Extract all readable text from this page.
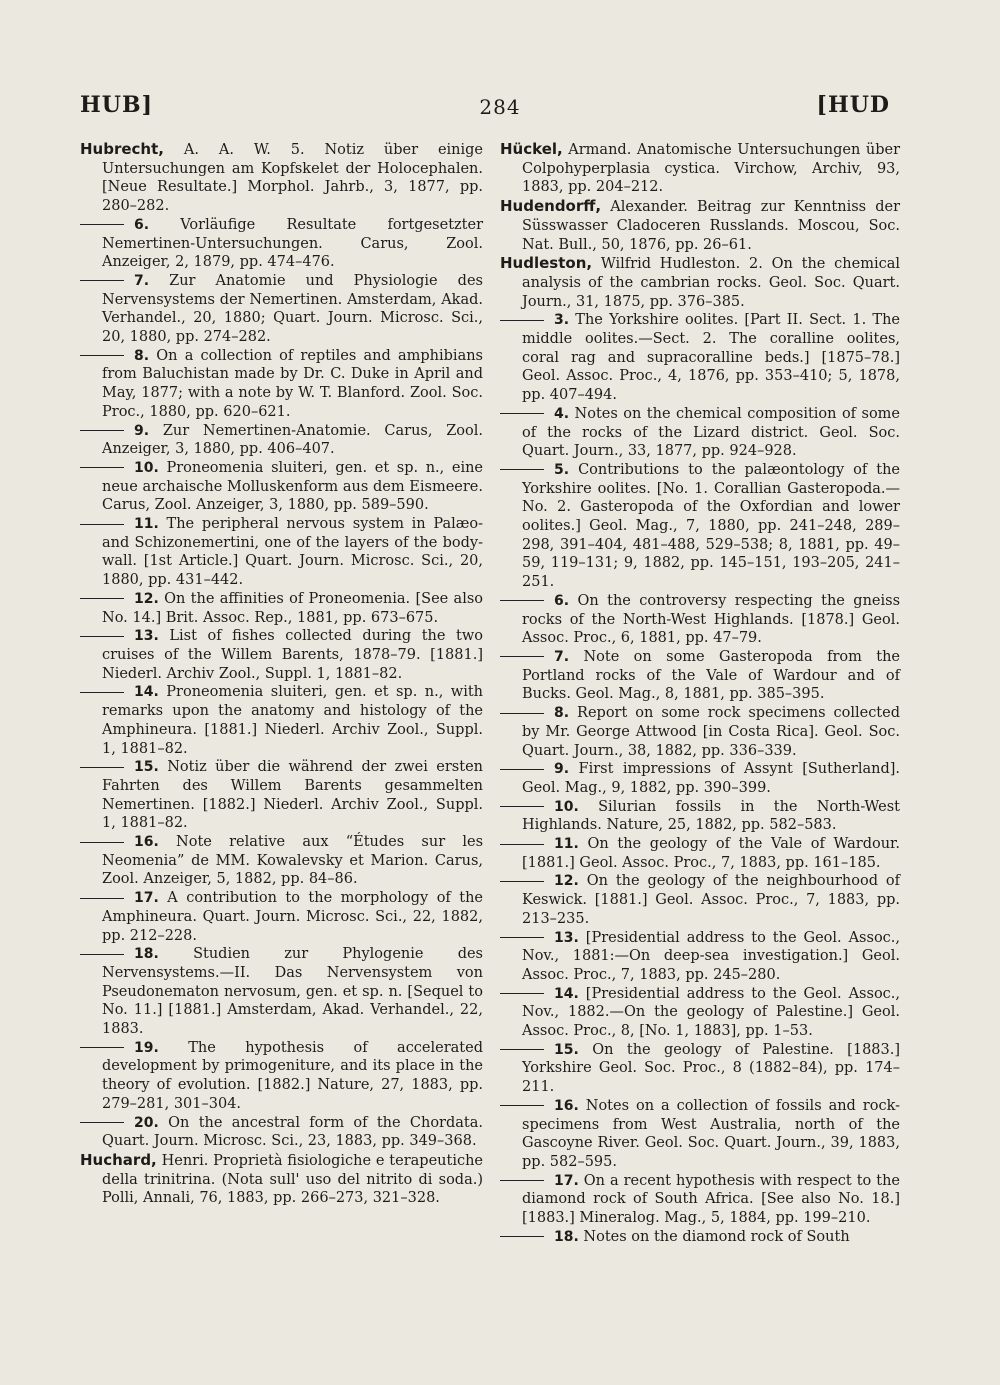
HUB]	284	[HUD

Hubrecht, A. A. W. 5. Notiz über einige Untersuchungen am Kopfskelet der Holocephalen. [Neue Resultate.] Morphol. Jahrb., 3, 1877, pp. 280–282.

6. Vorläufige Resultate fortgesetzter Nemertinen-Untersuchungen. Carus, Zool. Anzeiger, 2, 1879, pp. 474–476.

7. Zur Anatomie und Physiologie des Nervensystems der Nemertinen. Amsterdam, Akad. Verhandel., 20, 1880; Quart. Journ. Microsc. Sci., 20, 1880, pp. 274–282.

8. On a collection of reptiles and amphibians from Baluchistan made by Dr. C. Duke in April and May, 1877; with a note by W. T. Blanford. Zool. Soc. Proc., 1880, pp. 620–621.

9. Zur Nemertinen-Anatomie. Carus, Zool. Anzeiger, 3, 1880, pp. 406–407.

10. Proneomenia sluiteri, gen. et sp. n., eine neue archaische Molluskenform aus dem Eismeere. Carus, Zool. Anzeiger, 3, 1880, pp. 589–590.

11. The peripheral nervous system in Palæo- and Schizonemertini, one of the layers of the body-wall. [1st Article.] Quart. Journ. Microsc. Sci., 20, 1880, pp. 431–442.

12. On the affinities of Proneomenia. [See also No. 14.] Brit. Assoc. Rep., 1881, pp. 673–675.

13. List of fishes collected during the two cruises of the Willem Barents, 1878–79. [1881.] Niederl. Archiv Zool., Suppl. 1, 1881–82.

14. Proneomenia sluiteri, gen. et sp. n., with remarks upon the anatomy and histology of the Amphineura. [1881.] Niederl. Archiv Zool., Suppl. 1, 1881–82.

15. Notiz über die während der zwei ersten Fahrten des Willem Barents gesammelten Nemertinen. [1882.] Niederl. Archiv Zool., Suppl. 1, 1881–82.

16. Note relative aux “Études sur les Neomenia” de MM. Kowalevsky et Marion. Carus, Zool. Anzeiger, 5, 1882, pp. 84–86.

17. A contribution to the morphology of the Amphineura. Quart. Journ. Microsc. Sci., 22, 1882, pp. 212–228.

18. Studien zur Phylogenie des Nervensystems.—II. Das Nervensystem von Pseudonematon nervosum, gen. et sp. n. [Sequel to No. 11.] [1881.] Amsterdam, Akad. Verhandel., 22, 1883.

19. The hypothesis of accelerated development by primogeniture, and its place in the theory of evolution. [1882.] Nature, 27, 1883, pp. 279–281, 301–304.

20. On the ancestral form of the Chordata. Quart. Journ. Microsc. Sci., 23, 1883, pp. 349–368.

Huchard, Henri. Proprietà fisiologiche e terapeutiche della trinitrina. (Nota sull' uso del nitrito di soda.) Polli, Annali, 76, 1883, pp. 266–273, 321–328.

Hückel, Armand. Anatomische Untersuchungen über Colpohyperplasia cystica. Virchow, Archiv, 93, 1883, pp. 204–212.

Hudendorff, Alexander. Beitrag zur Kenntniss der Süsswasser Cladoceren Russlands. Moscou, Soc. Nat. Bull., 50, 1876, pp. 26–61.

Hudleston, Wilfrid Hudleston. 2. On the chemical analysis of the cambrian rocks. Geol. Soc. Quart. Journ., 31, 1875, pp. 376–385.

3. The Yorkshire oolites. [Part II. Sect. 1. The middle oolites.—Sect. 2. The coralline oolites, coral rag and supracoralline beds.] [1875–78.] Geol. Assoc. Proc., 4, 1876, pp. 353–410; 5, 1878, pp. 407–494.

4. Notes on the chemical composition of some of the rocks of the Lizard district. Geol. Soc. Quart. Journ., 33, 1877, pp. 924–928.

5. Contributions to the palæontology of the Yorkshire oolites. [No. 1. Corallian Gasteropoda.—No. 2. Gasteropoda of the Oxfordian and lower oolites.] Geol. Mag., 7, 1880, pp. 241–248, 289–298, 391–404, 481–488, 529–538; 8, 1881, pp. 49–59, 119–131; 9, 1882, pp. 145–151, 193–205, 241–251.

6. On the controversy respecting the gneiss rocks of the North-West Highlands. [1878.] Geol. Assoc. Proc., 6, 1881, pp. 47–79.

7. Note on some Gasteropoda from the Portland rocks of the Vale of Wardour and of Bucks. Geol. Mag., 8, 1881, pp. 385–395.

8. Report on some rock specimens collected by Mr. George Attwood [in Costa Rica]. Geol. Soc. Quart. Journ., 38, 1882, pp. 336–339.

9. First impressions of Assynt [Sutherland]. Geol. Mag., 9, 1882, pp. 390–399.

10. Silurian fossils in the North-West Highlands. Nature, 25, 1882, pp. 582–583.

11. On the geology of the Vale of Wardour. [1881.] Geol. Assoc. Proc., 7, 1883, pp. 161–185.

12. On the geology of the neighbourhood of Keswick. [1881.] Geol. Assoc. Proc., 7, 1883, pp. 213–235.

13. [Presidential address to the Geol. Assoc., Nov., 1881:—On deep-sea investigation.] Geol. Assoc. Proc., 7, 1883, pp. 245–280.

14. [Presidential address to the Geol. Assoc., Nov., 1882.—On the geology of Palestine.] Geol. Assoc. Proc., 8, [No. 1, 1883], pp. 1–53.

15. On the geology of Palestine. [1883.] Yorkshire Geol. Soc. Proc., 8 (1882–84), pp. 174–211.

16. Notes on a collection of fossils and rock-specimens from West Australia, north of the Gascoyne River. Geol. Soc. Quart. Journ., 39, 1883, pp. 582–595.

17. On a recent hypothesis with respect to the diamond rock of South Africa. [See also No. 18.] [1883.] Mineralog. Mag., 5, 1884, pp. 199–210.

18. Notes on the diamond rock of South
